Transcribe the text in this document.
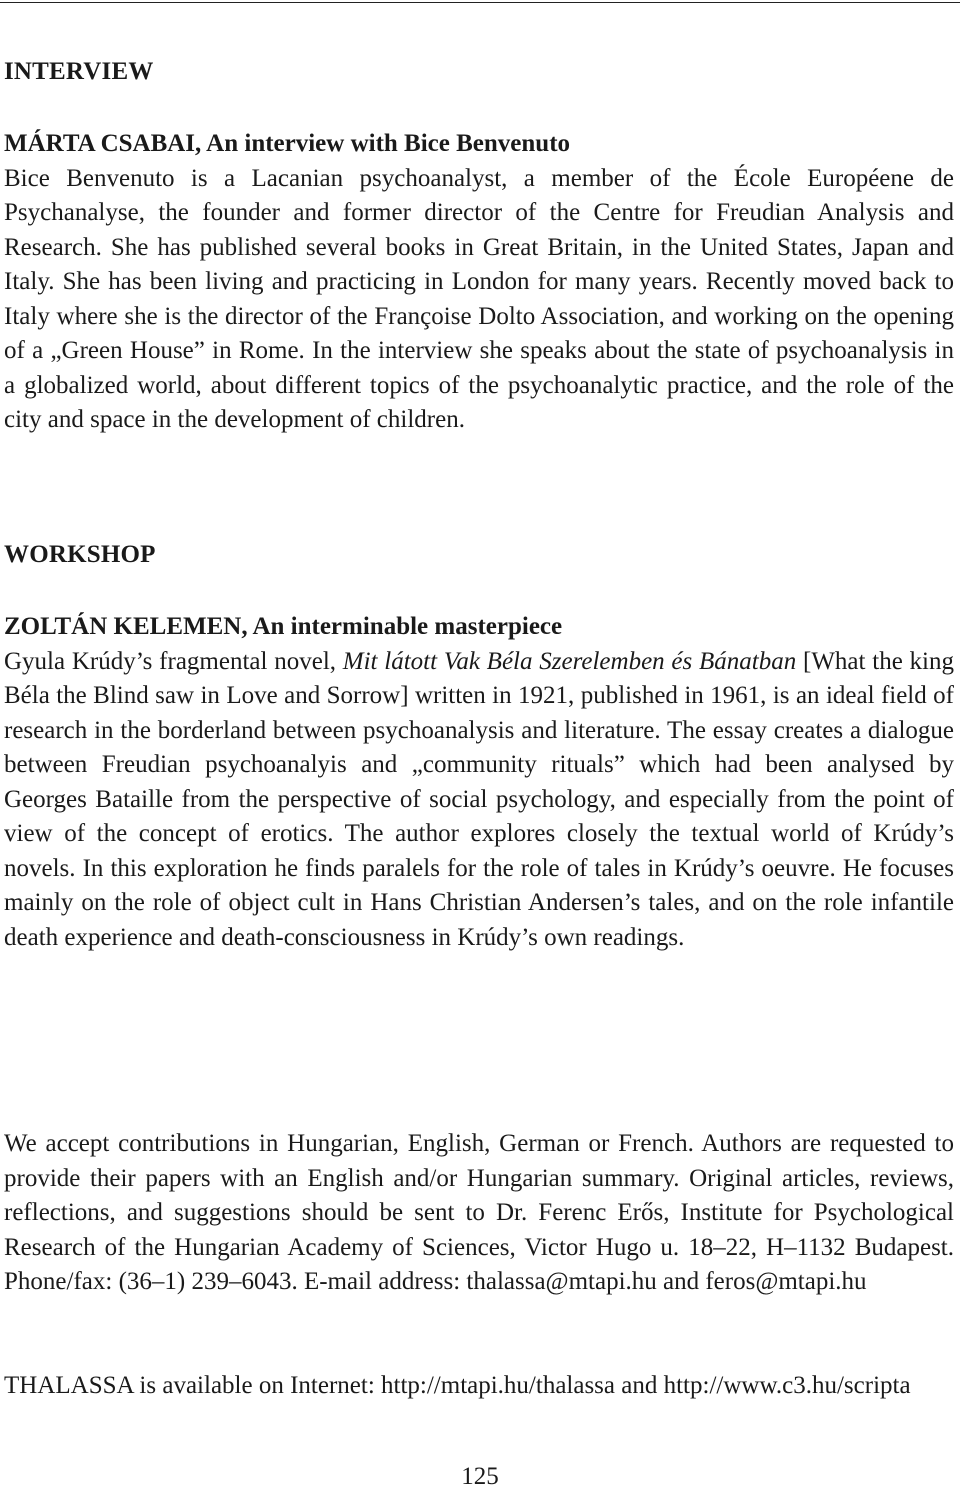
INTERVIEW
MÁRTA CSABAI, An interview with Bice Benvenuto

Bice Benvenuto is a Lacanian psychoanalyst, a member of the École Européene de Psychanalyse, the founder and former director of the Centre for Freudian Analysis and Research. She has published several books in Great Britain, in the United States, Japan and Italy. She has been living and practicing in London for many years. Recently moved back to Italy where she is the director of the Françoise Dolto Association, and working on the opening of a „Green House” in Rome. In the interview she speaks about the state of psychoanalysis in a globalized world, about different topics of the psychoanalytic practice, and the role of the city and space in the development of children.

WORKSHOP
ZOLTÁN KELEMEN, An interminable masterpiece

Gyula Krúdy’s fragmental novel, Mit látott Vak Béla Szerelemben és Bánatban [What the king Béla the Blind saw in Love and Sorrow] written in 1921, published in 1961, is an ideal field of research in the borderland between psychoanalysis and literature. The essay creates a dialogue between Freudian psychoanalyis and „community rituals” which had been analysed by Georges Bataille from the perspective of social psychology, and especially from the point of view of the concept of erotics. The author explores closely the textual world of Krúdy’s novels. In this exploration he finds paralels for the role of tales in Krúdy’s oeuvre. He focuses mainly on the role of object cult in Hans Christian Andersen’s tales, and on the role infantile death experience and death-consciousness in Krúdy’s own readings.

We accept contributions in Hungarian, English, German or French. Authors are requested to provide their papers with an English and/or Hungarian summary. Original articles, reviews, reflections, and suggestions should be sent to Dr. Ferenc Erős, Institute for Psychological Research of the Hungarian Academy of Sciences, Victor Hugo u. 18–22, H–1132 Budapest. Phone/fax: (36–1) 239–6043. E-mail address: thalassa@mtapi.hu and feros@mtapi.hu

THALASSA is available on Internet: http://mtapi.hu/thalassa and http://www.c3.hu/scripta

125
